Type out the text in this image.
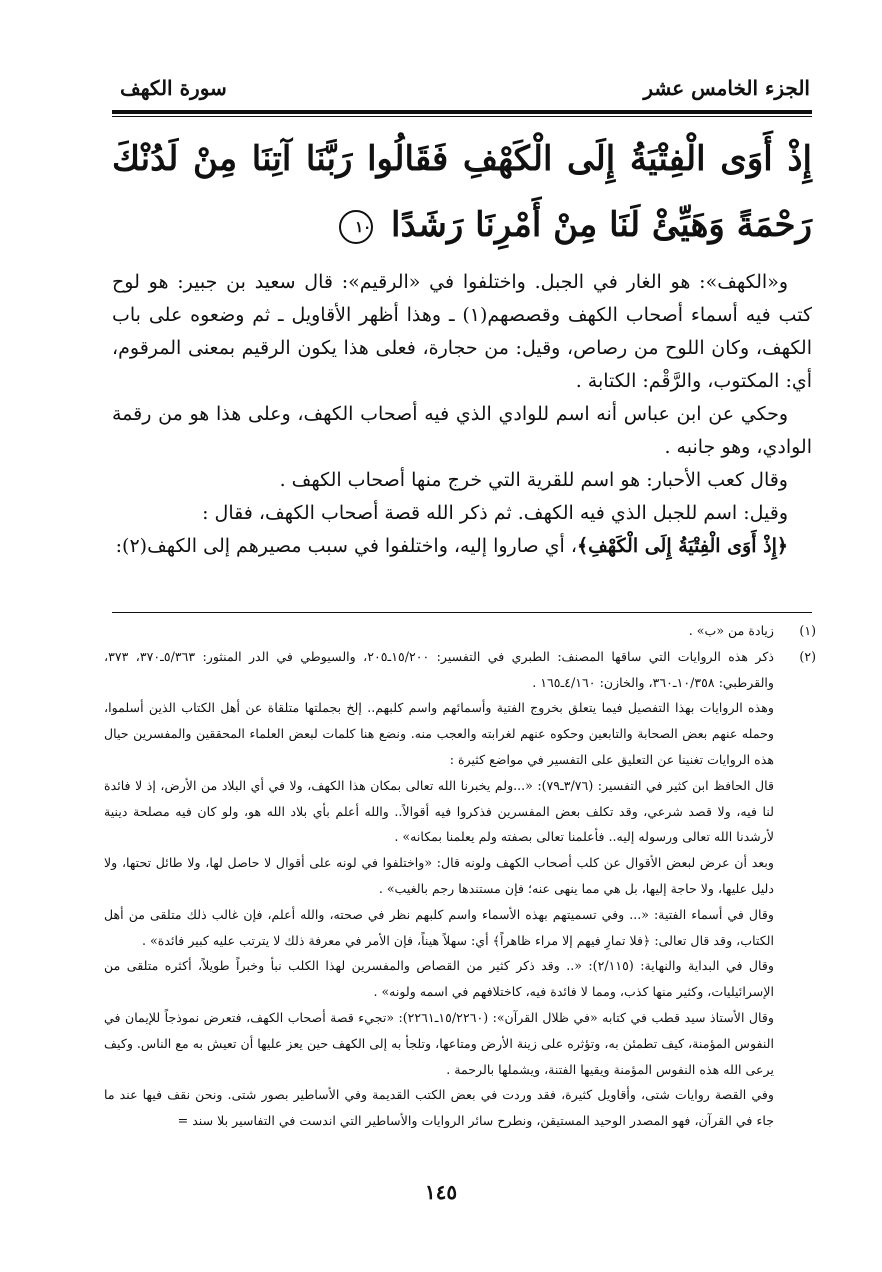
الجزء الخامس عشر
سورة الكهف
إِذْ أَوَى الْفِتْيَةُ إِلَى الْكَهْفِ فَقَالُوا رَبَّنَا آتِنَا مِنْ لَدُنْكَ رَحْمَةً وَهَيِّئْ لَنَا مِنْ أَمْرِنَا رَشَدًا ١٠

و«الكهف»: هو الغار في الجبل. واختلفوا في «الرقيم»: قال سعيد بن جبير: هو لوح كتب فيه أسماء أصحاب الكهف وقصصهم(١) ـ وهذا أظهر الأقاويل ـ ثم وضعوه على باب الكهف، وكان اللوح من رصاص، وقيل: من حجارة، فعلى هذا يكون الرقيم بمعنى المرقوم، أي: المكتوب، والرَّقْم: الكتابة .

وحكي عن ابن عباس أنه اسم للوادي الذي فيه أصحاب الكهف، وعلى هذا هو من رقمة الوادي، وهو جانبه .

وقال كعب الأحبار: هو اسم للقرية التي خرج منها أصحاب الكهف .

وقيل: اسم للجبل الذي فيه الكهف. ثم ذكر الله قصة أصحاب الكهف، فقال :

﴿إِذْ أَوَى الْفِتْيَةُ إِلَى الْكَهْفِ﴾، أي صاروا إليه، واختلفوا في سبب مصيرهم إلى الكهف(٢):

(١)

زيادة من «ب» .

(٢)

ذكر هذه الروايات التي ساقها المصنف: الطبري في التفسير: ١٥/٢٠٠ـ٢٠٥، والسيوطي في الدر المنثور: ٥/٣٦٣ـ٣٧٠، ٣٧٣، والقرطبي: ١٠/٣٥٨ـ٣٦٠، والخازن: ٤/١٦٠ـ١٦٥ .

وهذه الروايات بهذا التفصيل فيما يتعلق بخروج الفتية وأسمائهم واسم كلبهم.. إلخ بجملتها متلقاة عن أهل الكتاب الذين أسلموا، وحمله عنهم بعض الصحابة والتابعين وحكوه عنهم لغرابته والعجب منه. ونضع هنا كلمات لبعض العلماء المحققين والمفسرين حيال هذه الروايات تغنينا عن التعليق على التفسير في مواضع كثيرة :

قال الحافظ ابن كثير في التفسير: (٣/٧٦ـ٧٩): «...ولم يخبرنا الله تعالى بمكان هذا الكهف، ولا في أي البلاد من الأرض، إذ لا فائدة لنا فيه، ولا قصد شرعي، وقد تكلف بعض المفسرين فذكروا فيه أقوالاً.. والله أعلم بأي بلاد الله هو، ولو كان فيه مصلحة دينية لأرشدنا الله تعالى ورسوله إليه.. فأعلمنا تعالى بصفته ولم يعلمنا بمكانه» .

وبعد أن عرض لبعض الأقوال عن كلب أصحاب الكهف ولونه قال: «واختلفوا في لونه على أقوال لا حاصل لها، ولا طائل تحتها، ولا دليل عليها، ولا حاجة إليها، بل هي مما ينهى عنه؛ فإن مستندها رجم بالغيب» .

وقال في أسماء الفتية: «... وفي تسميتهم بهذه الأسماء واسم كلبهم نظر في صحته، والله أعلم، فإن غالب ذلك متلقى من أهل الكتاب، وقد قال تعالى: ﴿فلا تمارِ فيهم إلا مراء ظاهراً﴾ أي: سهلاً هيناً، فإن الأمر في معرفة ذلك لا يترتب عليه كبير فائدة» .

وقال في البداية والنهاية: (٢/١١٥): «.. وقد ذكر كثير من القصاص والمفسرين لهذا الكلب نبأ وخبراً طويلاً، أكثره متلقى من الإسرائيليات، وكثير منها كذب، ومما لا فائدة فيه، كاختلافهم في اسمه ولونه» .

وقال الأستاذ سيد قطب في كتابه «في ظلال القرآن»: (١٥/٢٢٦٠ـ٢٢٦١): «تجيء قصة أصحاب الكهف، فتعرض نموذجاً للإيمان في النفوس المؤمنة، كيف تطمئن به، وتؤثره على زينة الأرض ومتاعها، وتلجأ به إلى الكهف حين يعز عليها أن تعيش به مع الناس. وكيف يرعى الله هذه النفوس المؤمنة ويقيها الفتنة، ويشملها بالرحمة .

وفي القصة روايات شتى، وأقاويل كثيرة، فقد وردت في بعض الكتب القديمة وفي الأساطير بصور شتى. ونحن نقف فيها عند ما جاء في القرآن، فهو المصدر الوحيد المستيقن، ونطرح سائر الروايات والأساطير التي اندست في التفاسير بلا سند =

١٤٥
